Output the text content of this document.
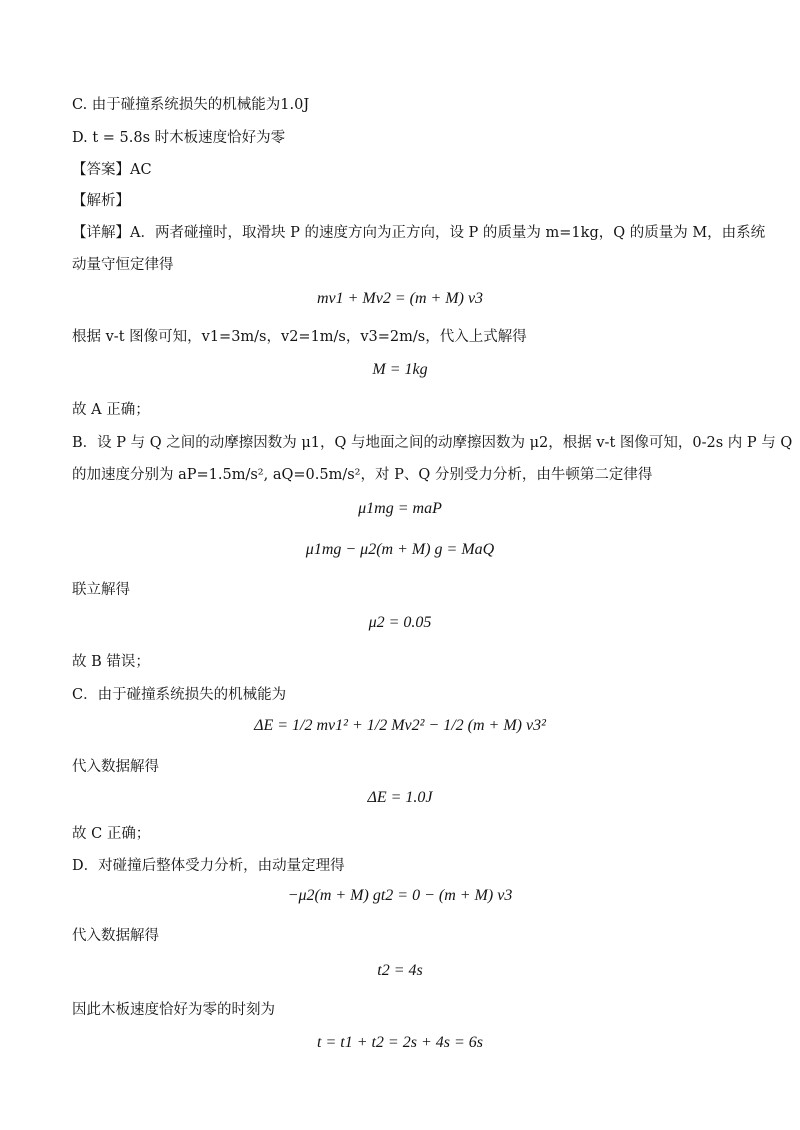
C. 由于碰撞系统损失的机械能为1.0J
D. t = 5.8s 时木板速度恰好为零
【答案】AC
【解析】
【详解】A．两者碰撞时，取滑块 P 的速度方向为正方向，设 P 的质量为 m=1kg，Q 的质量为 M，由系统
动量守恒定律得
mv1 + Mv2 = (m + M) v3
根据 v-t 图像可知，v1=3m/s，v2=1m/s，v3=2m/s，代入上式解得
M = 1kg
故 A 正确；
B．设 P 与 Q 之间的动摩擦因数为 μ1，Q 与地面之间的动摩擦因数为 μ2，根据 v-t 图像可知，0-2s 内 P 与 Q
的加速度分别为 aP=1.5m/s², aQ=0.5m/s²，对 P、Q 分别受力分析，由牛顿第二定律得
μ1mg = maP
μ1mg − μ2(m + M) g = MaQ
联立解得
μ2 = 0.05
故 B 错误；
C．由于碰撞系统损失的机械能为
ΔE = 1/2 mv1² + 1/2 Mv2² − 1/2 (m + M) v3²
代入数据解得
ΔE = 1.0J
故 C 正确；
D．对碰撞后整体受力分析，由动量定理得
−μ2(m + M) gt2 = 0 − (m + M) v3
代入数据解得
t2 = 4s
因此木板速度恰好为零的时刻为
t = t1 + t2 = 2s + 4s = 6s
